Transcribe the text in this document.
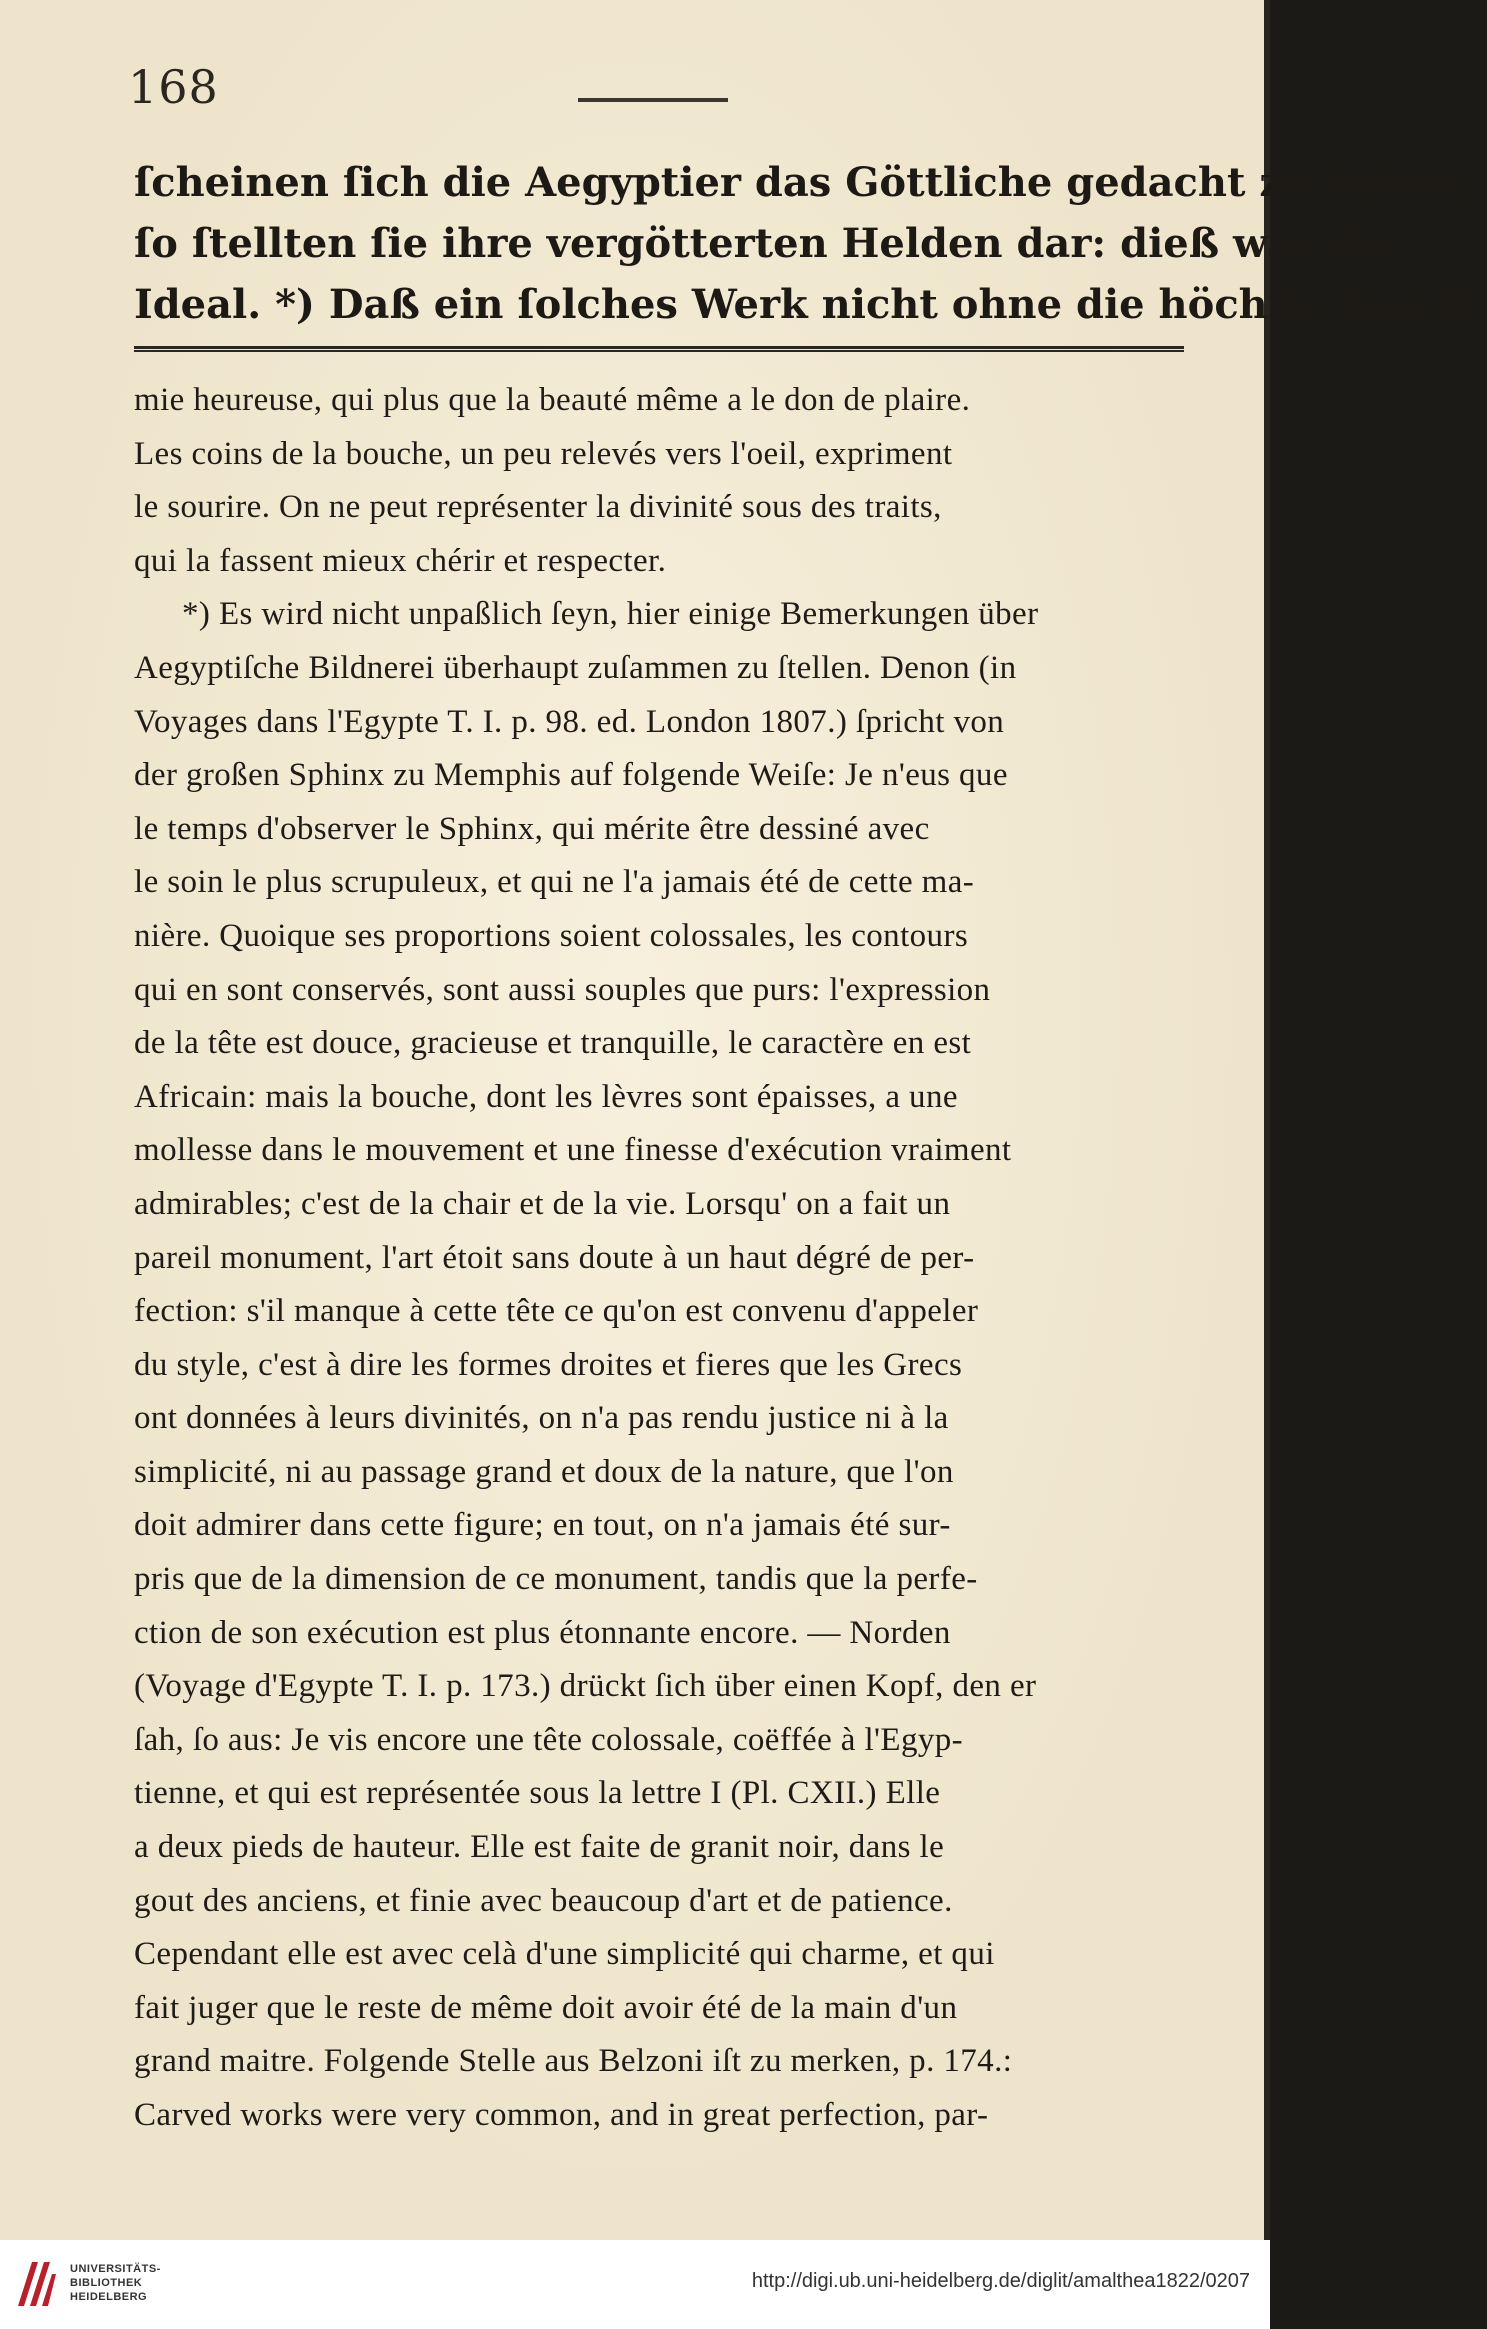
168
ſcheinen ſich die Aegyptier das Göttliche gedacht zu haben;
ſo ſtellten ſie ihre vergötterten Helden dar: dieß war ihr
Ideal. *) Daß ein ſolches Werk nicht ohne die höchſte Kunſt-
mie heureuse, qui plus que la beauté même a le don de plaire.
Les coins de la bouche, un peu relevés vers l'oeil, expriment
le sourire. On ne peut représenter la divinité sous des traits,
qui la fassent mieux chérir et respecter.
*) Es wird nicht unpaßlich ſeyn, hier einige Bemerkungen über
Aegyptiſche Bildnerei überhaupt zuſammen zu ſtellen. Denon (in
Voyages dans l'Egypte T. I. p. 98. ed. London 1807.) ſpricht von
der großen Sphinx zu Memphis auf folgende Weiſe: Je n'eus que
le temps d'observer le Sphinx, qui mérite être dessiné avec
le soin le plus scrupuleux, et qui ne l'a jamais été de cette ma-
nière. Quoique ses proportions soient colossales, les contours
qui en sont conservés, sont aussi souples que purs: l'expression
de la tête est douce, gracieuse et tranquille, le caractère en est
Africain: mais la bouche, dont les lèvres sont épaisses, a une
mollesse dans le mouvement et une finesse d'exécution vraiment
admirables; c'est de la chair et de la vie. Lorsqu' on a fait un
pareil monument, l'art étoit sans doute à un haut dégré de per-
fection: s'il manque à cette tête ce qu'on est convenu d'appeler
du style, c'est à dire les formes droites et fieres que les Grecs
ont données à leurs divinités, on n'a pas rendu justice ni à la
simplicité, ni au passage grand et doux de la nature, que l'on
doit admirer dans cette figure; en tout, on n'a jamais été sur-
pris que de la dimension de ce monument, tandis que la perfe-
ction de son exécution est plus étonnante encore. — Norden
(Voyage d'Egypte T. I. p. 173.) drückt ſich über einen Kopf, den er
ſah, ſo aus: Je vis encore une tête colossale, coëffée à l'Egyp-
tienne, et qui est représentée sous la lettre I (Pl. CXII.) Elle
a deux pieds de hauteur. Elle est faite de granit noir, dans le
gout des anciens, et finie avec beaucoup d'art et de patience.
Cependant elle est avec celà d'une simplicité qui charme, et qui
fait juger que le reste de même doit avoir été de la main d'un
grand maitre. Folgende Stelle aus Belzoni iſt zu merken, p. 174.:
Carved works were very common, and in great perfection, par-
UNIVERSITÄTS-
BIBLIOTHEK
HEIDELBERG
http://digi.ub.uni-heidelberg.de/diglit/amalthea1822/0207
